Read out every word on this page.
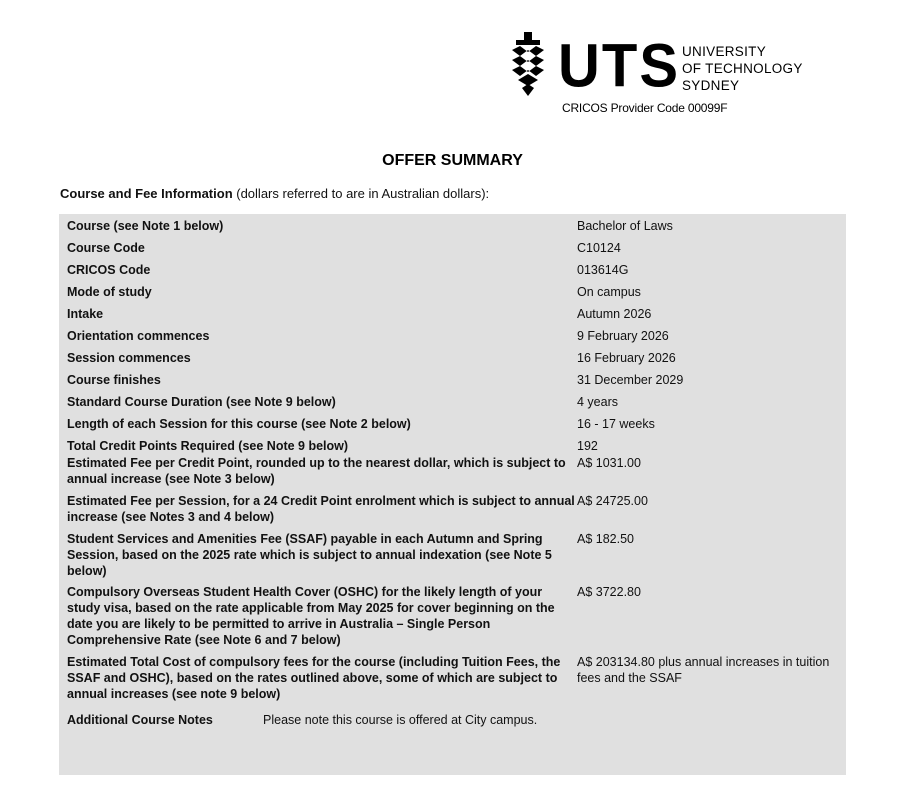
UTS UNIVERSITY
OF TECHNOLOGY
SYDNEY
CRICOS Provider Code 00099F
OFFER SUMMARY
Course and Fee Information (dollars referred to are in Australian dollars):
Course (see Note 1 below)	Bachelor of Laws
Course Code	C10124
CRICOS Code	013614G
Mode of study	On campus
Intake	Autumn 2026
Orientation commences	9 February 2026
Session commences	16 February 2026
Course finishes	31 December 2029
Standard Course Duration (see Note 9 below)	4 years
Length of each Session for this course (see Note 2 below)	16 - 17 weeks
Total Credit Points Required (see Note 9 below)	192
Estimated Fee per Credit Point, rounded up to the nearest dollar, which is subject to annual increase (see Note 3 below)	A$ 1031.00
Estimated Fee per Session, for a 24 Credit Point enrolment which is subject to annual increase (see Notes 3 and 4 below)	A$ 24725.00
Student Services and Amenities Fee (SSAF) payable in each Autumn and Spring Session, based on the 2025 rate which is subject to annual indexation (see Note 5 below)	A$ 182.50
Compulsory Overseas Student Health Cover (OSHC) for the likely length of your study visa, based on the rate applicable from May 2025 for cover beginning on the date you are likely to be permitted to arrive in Australia – Single Person Comprehensive Rate (see Note 6 and 7 below)	A$ 3722.80
Estimated Total Cost of compulsory fees for the course (including Tuition Fees, the SSAF and OSHC), based on the rates outlined above, some of which are subject to annual increases (see note 9 below)	A$ 203134.80 plus annual increases in tuition fees and the SSAF
Additional Course Notes	Please note this course is offered at City campus.
